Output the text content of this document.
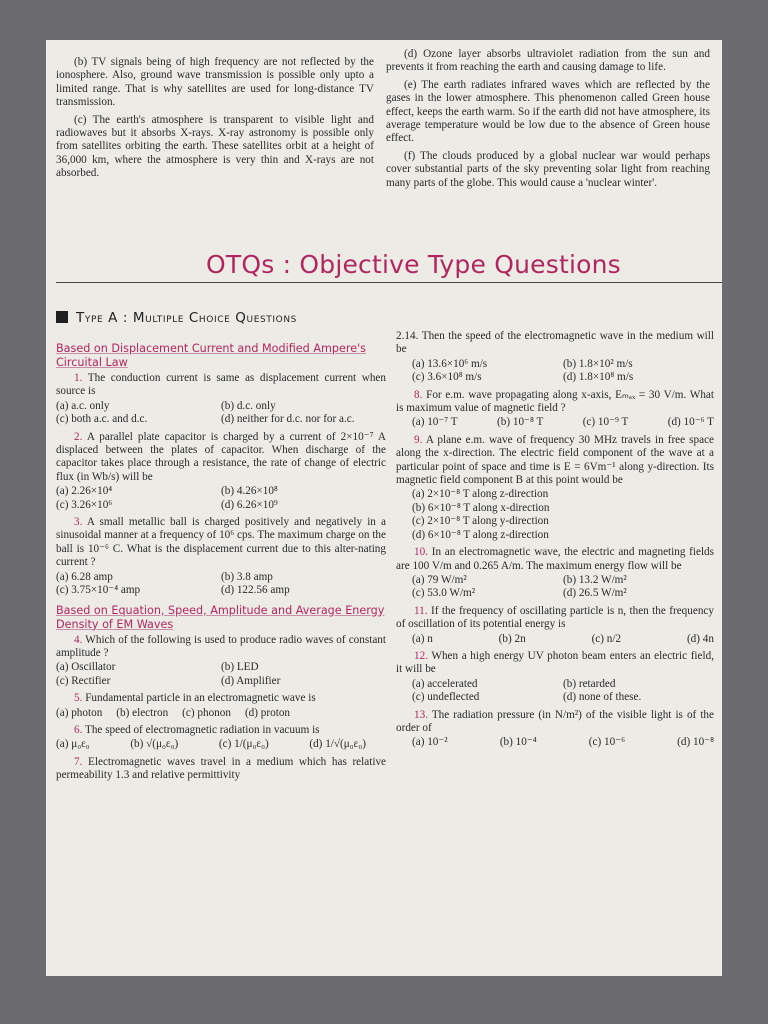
(b) TV signals being of high frequency are not reflected by the ionosphere. Also, ground wave transmission is possible only upto a limited range. That is why satellites are used for long-distance TV transmission.

(c) The earth's atmosphere is transparent to visible light and radiowaves but it absorbs X-rays. X-ray astronomy is possible only from satellites orbiting the earth. These satellites orbit at a height of 36,000 km, where the atmosphere is very thin and X-rays are not absorbed.

(d) Ozone layer absorbs ultraviolet radiation from the sun and prevents it from reaching the earth and causing damage to life.

(e) The earth radiates infrared waves which are reflected by the gases in the lower atmosphere. This phenomenon called Green house effect, keeps the earth warm. So if the earth did not have atmosphere, its average temperature would be low due to the absence of Green house effect.

(f) The clouds produced by a global nuclear war would perhaps cover substantial parts of the sky preventing solar light from reaching many parts of the globe. This would cause a 'nuclear winter'.

OTQs : Objective Type Questions
Type A : Multiple Choice Questions
Based on Displacement Current and Modified Ampere's Circuital Law

1. The conduction current is same as displacement current when source is

(a) a.c. only	(b) d.c. only
(c) both a.c. and d.c.	(d) neither for d.c. nor for a.c.

2. A parallel plate capacitor is charged by a current of 2×10⁻⁷ A displaced between the plates of capacitor. When discharge of the capacitor takes place through a resistance, the rate of change of electric flux (in Wb/s) will be

(a) 2.26×10⁴	(b) 4.26×10⁸
(c) 3.26×10⁶	(d) 6.26×10⁹

3. A small metallic ball is charged positively and negatively in a sinusoidal manner at a frequency of 10⁶ cps. The maximum charge on the ball is 10⁻⁶ C. What is the displacement current due to this alter-nating current ?

(a) 6.28 amp	(b) 3.8 amp
(c) 3.75×10⁻⁴ amp	(d) 122.56 amp
Based on Equation, Speed, Amplitude and Average Energy Density of EM Waves

4. Which of the following is used to produce radio waves of constant amplitude ?

(a) Oscillator	(b) LED
(c) Rectifier	(d) Amplifier

5. Fundamental particle in an electromagnetic wave is

(a) photon (b) electron (c) phonon (d) proton

6. The speed of electromagnetic radiation in vacuum is

(a) μ₀ε₀	(b) √(μ₀ε₀)	(c) 1/(μ₀ε₀)	(d) 1/√(μ₀ε₀)

7. Electromagnetic waves travel in a medium which has relative permeability 1.3 and relative permittivity

2.14. Then the speed of the electromagnetic wave in the medium will be

(a) 13.6×10⁶ m/s	(b) 1.8×10² m/s
(c) 3.6×10⁸ m/s	(d) 1.8×10⁸ m/s

8. For e.m. wave propagating along x-axis, Eₘₐₓ = 30 V/m. What is maximum value of magnetic field ?

(a) 10⁻⁷ T	(b) 10⁻⁸ T	(c) 10⁻⁹ T	(d) 10⁻⁶ T

9. A plane e.m. wave of frequency 30 MHz travels in free space along the x-direction. The electric field component of the wave at a particular point of space and time is E = 6Vm⁻¹ along y-direction. Its magnetic field component B at this point would be

(a) 2×10⁻⁸ T along z-direction
(b) 6×10⁻⁸ T along x-direction
(c) 2×10⁻⁸ T along y-direction
(d) 6×10⁻⁸ T along z-direction

10. In an electromagnetic wave, the electric and magneting fields are 100 V/m and 0.265 A/m. The maximum energy flow will be

(a) 79 W/m²	(b) 13.2 W/m²
(c) 53.0 W/m²	(d) 26.5 W/m²

11. If the frequency of oscillating particle is n, then the frequency of oscillation of its potential energy is

(a) n	(b) 2n	(c) n/2	(d) 4n

12. When a high energy UV photon beam enters an electric field, it will be

(a) accelerated	(b) retarded
(c) undeflected	(d) none of these.

13. The radiation pressure (in N/m²) of the visible light is of the order of

(a) 10⁻²	(b) 10⁻⁴	(c) 10⁻⁶	(d) 10⁻⁸
